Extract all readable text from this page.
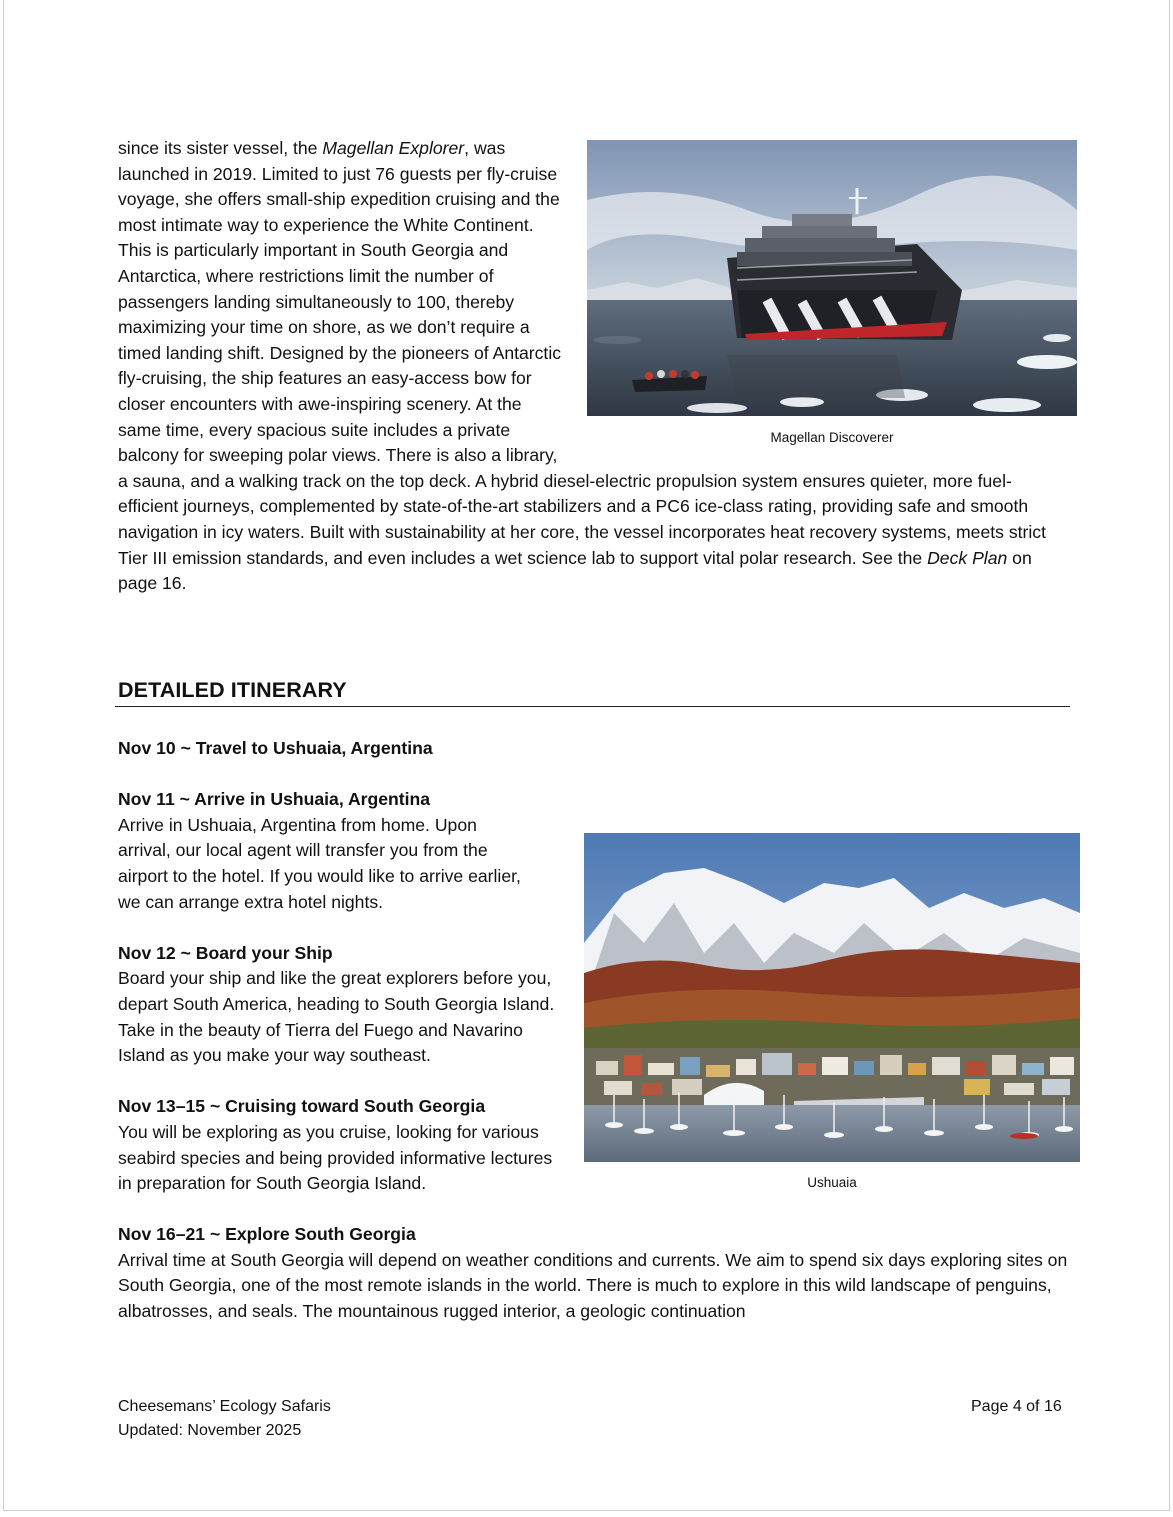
Magellan Discoverer

since its sister vessel, the Magellan Explorer, was launched in 2019. Limited to just 76 guests per fly-cruise voyage, she offers small-ship expedition cruising and the most intimate way to experience the White Continent. This is particularly important in South Georgia and Antarctica, where restrictions limit the number of passengers landing simultaneously to 100, thereby maximizing your time on shore, as we don’t require a timed landing shift. Designed by the pioneers of Antarctic fly-cruising, the ship features an easy-access bow for closer encounters with awe-inspiring scenery. At the same time, every spacious suite includes a private balcony for sweeping polar views. There is also a library, a sauna, and a walking track on the top deck. A hybrid diesel-electric propulsion system ensures quieter, more fuel-efficient journeys, complemented by state-of-the-art stabilizers and a PC6 ice-class rating, providing safe and smooth navigation in icy waters. Built with sustainability at her core, the vessel incorporates heat recovery systems, meets strict Tier III emission standards, and even includes a wet science lab to support vital polar research. See the Deck Plan on page 16.

DETAILED ITINERARY
Nov 10 ~ Travel to Ushuaia, Argentina
Ushuaia
Nov 11 ~ Arrive in Ushuaia, Argentina

Arrive in Ushuaia, Argentina from home. Upon arrival, our local agent will transfer you from the airport to the hotel. If you would like to arrive earlier, we can arrange extra hotel nights.

Nov 12 ~ Board your Ship

Board your ship and like the great explorers before you, depart South America, heading to South Georgia Island. Take in the beauty of Tierra del Fuego and Navarino Island as you make your way southeast.

Nov 13–15 ~ Cruising toward South Georgia

You will be exploring as you cruise, looking for various seabird species and being provided informative lectures in preparation for South Georgia Island.

Nov 16–21 ~ Explore South Georgia

Arrival time at South Georgia will depend on weather conditions and currents. We aim to spend six days exploring sites on South Georgia, one of the most remote islands in the world. There is much to explore in this wild landscape of penguins, albatrosses, and seals. The mountainous rugged interior, a geologic continuation

Cheesemans’ Ecology Safaris
Updated: November 2025
Page 4 of 16
